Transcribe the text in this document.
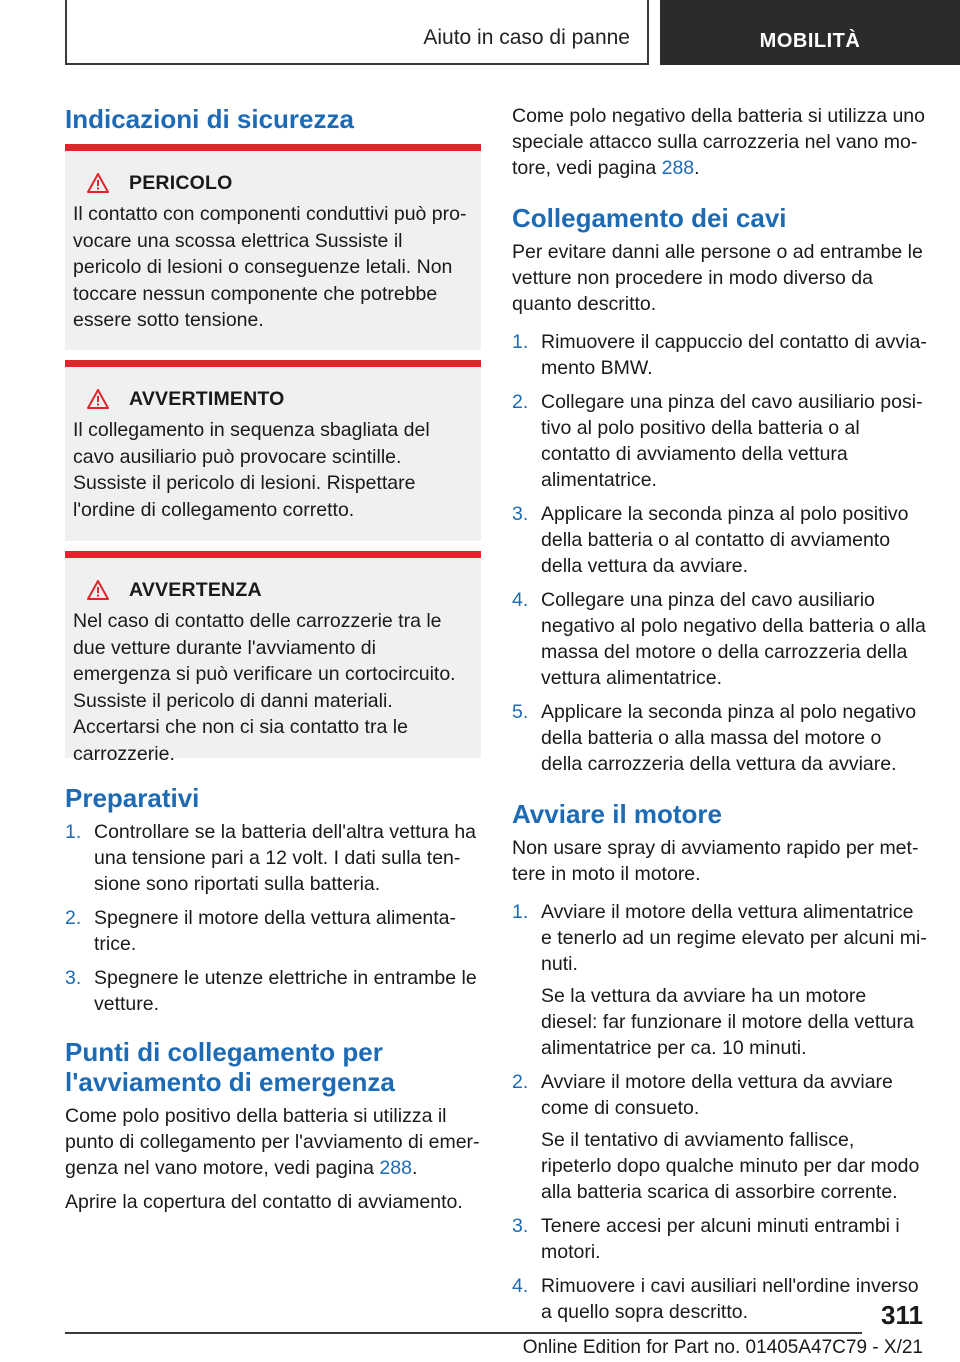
Aiuto in caso di panne	MOBILITÀ
Indicazioni di sicurezza
PERICOLO
Il contatto con componenti conduttivi può provocare una scossa elettrica Sussiste il pericolo di lesioni o conseguenze letali. Non toccare nessun componente che potrebbe essere sotto tensione.
AVVERTIMENTO
Il collegamento in sequenza sbagliata del cavo ausiliario può provocare scintille. Sussiste il pericolo di lesioni. Rispettare l'ordine di collegamento corretto.
AVVERTENZA
Nel caso di contatto delle carrozzerie tra le due vetture durante l'avviamento di emergenza si può verificare un cortocircuito. Sussiste il pericolo di danni materiali. Accertarsi che non ci sia contatto tra le carrozzerie.
Preparativi
1. Controllare se la batteria dell'altra vettura ha una tensione pari a 12 volt. I dati sulla tensione sono riportati sulla batteria.
2. Spegnere il motore della vettura alimentatrice.
3. Spegnere le utenze elettriche in entrambe le vetture.
Punti di collegamento per l'avviamento di emergenza

Come polo positivo della batteria si utilizza il punto di collegamento per l'avviamento di emergenza nel vano motore, vedi pagina 288.

Aprire la copertura del contatto di avviamento.

Come polo negativo della batteria si utilizza uno speciale attacco sulla carrozzeria nel vano motore, vedi pagina 288.

Collegamento dei cavi

Per evitare danni alle persone o ad entrambe le vetture non procedere in modo diverso da quanto descritto.

1. Rimuovere il cappuccio del contatto di avviamento BMW.
2. Collegare una pinza del cavo ausiliario positivo al polo positivo della batteria o al contatto di avviamento della vettura alimentatrice.
3. Applicare la seconda pinza al polo positivo della batteria o al contatto di avviamento della vettura da avviare.
4. Collegare una pinza del cavo ausiliario negativo al polo negativo della batteria o alla massa del motore o della carrozzeria della vettura alimentatrice.
5. Applicare la seconda pinza al polo negativo della batteria o alla massa del motore o della carrozzeria della vettura da avviare.
Avviare il motore

Non usare spray di avviamento rapido per mettere in moto il motore.

1. Avviare il motore della vettura alimentatrice e tenerlo ad un regime elevato per alcuni minuti.
Se la vettura da avviare ha un motore diesel: far funzionare il motore della vettura alimentatrice per ca. 10 minuti.
2. Avviare il motore della vettura da avviare come di consueto.
Se il tentativo di avviamento fallisce, ripeterlo dopo qualche minuto per dar modo alla batteria scarica di assorbire corrente.
3. Tenere accesi per alcuni minuti entrambi i motori.
4. Rimuovere i cavi ausiliari nell'ordine inverso a quello sopra descritto.	311
Online Edition for Part no. 01405A47C79 - X/21
